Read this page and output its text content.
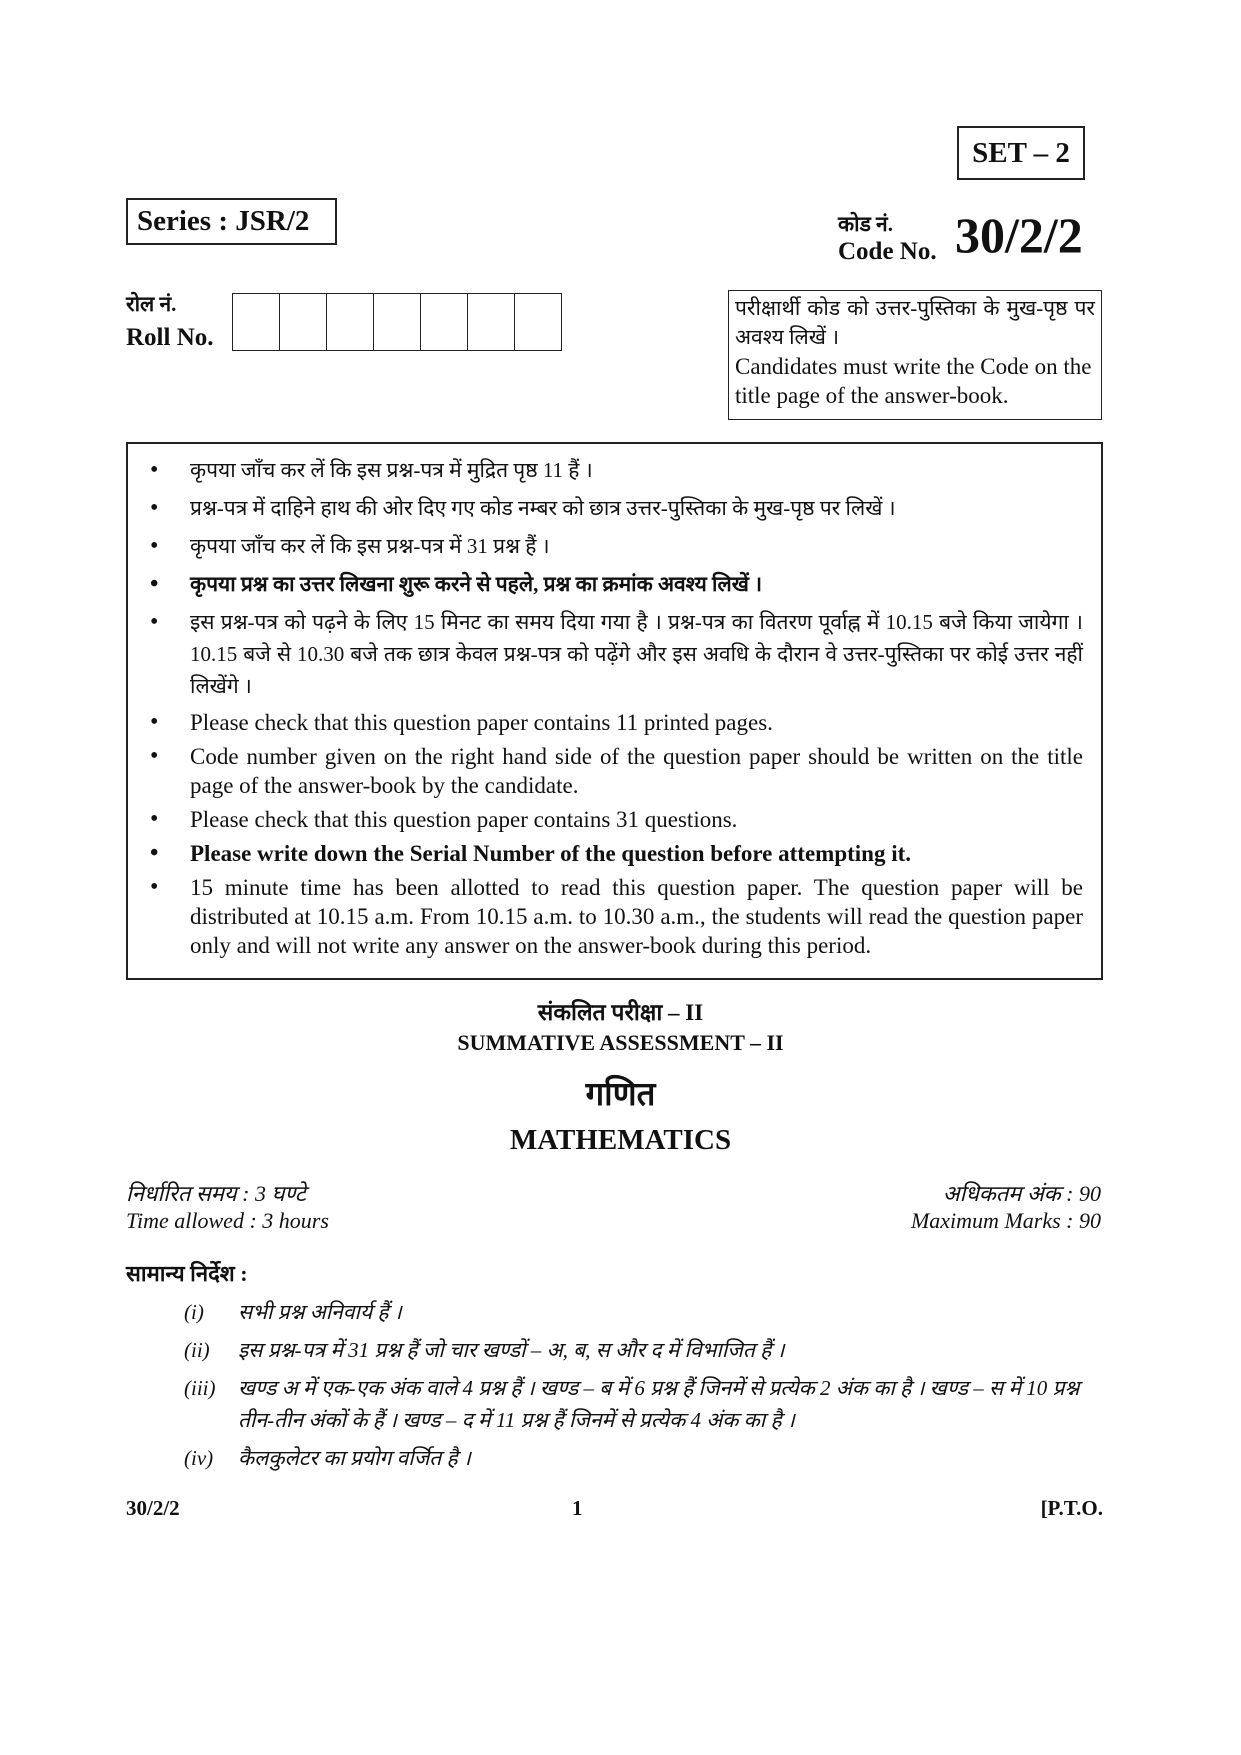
SET – 2
Series : JSR/2	कोड नं.
Code No. 30/2/2
रोल नं.
Roll No.
परीक्षार्थी कोड को उत्तर-पुस्तिका के मुख-पृष्ठ पर अवश्य लिखें ।
Candidates must write the Code on the title page of the answer-book.
• कृपया जाँच कर लें कि इस प्रश्न-पत्र में मुद्रित पृष्ठ 11 हैं ।
• प्रश्न-पत्र में दाहिने हाथ की ओर दिए गए कोड नम्बर को छात्र उत्तर-पुस्तिका के मुख-पृष्ठ पर लिखें ।
• कृपया जाँच कर लें कि इस प्रश्न-पत्र में 31 प्रश्न हैं ।
• कृपया प्रश्न का उत्तर लिखना शुरू करने से पहले, प्रश्न का क्रमांक अवश्य लिखें ।
• इस प्रश्न-पत्र को पढ़ने के लिए 15 मिनट का समय दिया गया है । प्रश्न-पत्र का वितरण पूर्वाह्न में 10.15 बजे किया जायेगा । 10.15 बजे से 10.30 बजे तक छात्र केवल प्रश्न-पत्र को पढ़ेंगे और इस अवधि के दौरान वे उत्तर-पुस्तिका पर कोई उत्तर नहीं लिखेंगे ।
• Please check that this question paper contains 11 printed pages.
• Code number given on the right hand side of the question paper should be written on the title page of the answer-book by the candidate.
• Please check that this question paper contains 31 questions.
• Please write down the Serial Number of the question before attempting it.
• 15 minute time has been allotted to read this question paper. The question paper will be distributed at 10.15 a.m. From 10.15 a.m. to 10.30 a.m., the students will read the question paper only and will not write any answer on the answer-book during this period.
संकलित परीक्षा – II
SUMMATIVE ASSESSMENT – II
गणित
MATHEMATICS
निर्धारित समय : 3 घण्टे
Time allowed : 3 hours
अधिकतम अंक : 90
Maximum Marks : 90
सामान्य निर्देश :
(i)	सभी प्रश्न अनिवार्य हैं ।
(ii)	इस प्रश्न-पत्र में 31 प्रश्न हैं जो चार खण्डों – अ, ब, स और द में विभाजित हैं ।
(iii)	खण्ड अ में एक-एक अंक वाले 4 प्रश्न हैं । खण्ड – ब में 6 प्रश्न हैं जिनमें से प्रत्येक 2 अंक का है । खण्ड – स में 10 प्रश्न तीन-तीन अंकों के हैं । खण्ड – द में 11 प्रश्न हैं जिनमें से प्रत्येक 4 अंक का है ।
(iv)	कैलकुलेटर का प्रयोग वर्जित है ।
30/2/2	1	[P.T.O.
